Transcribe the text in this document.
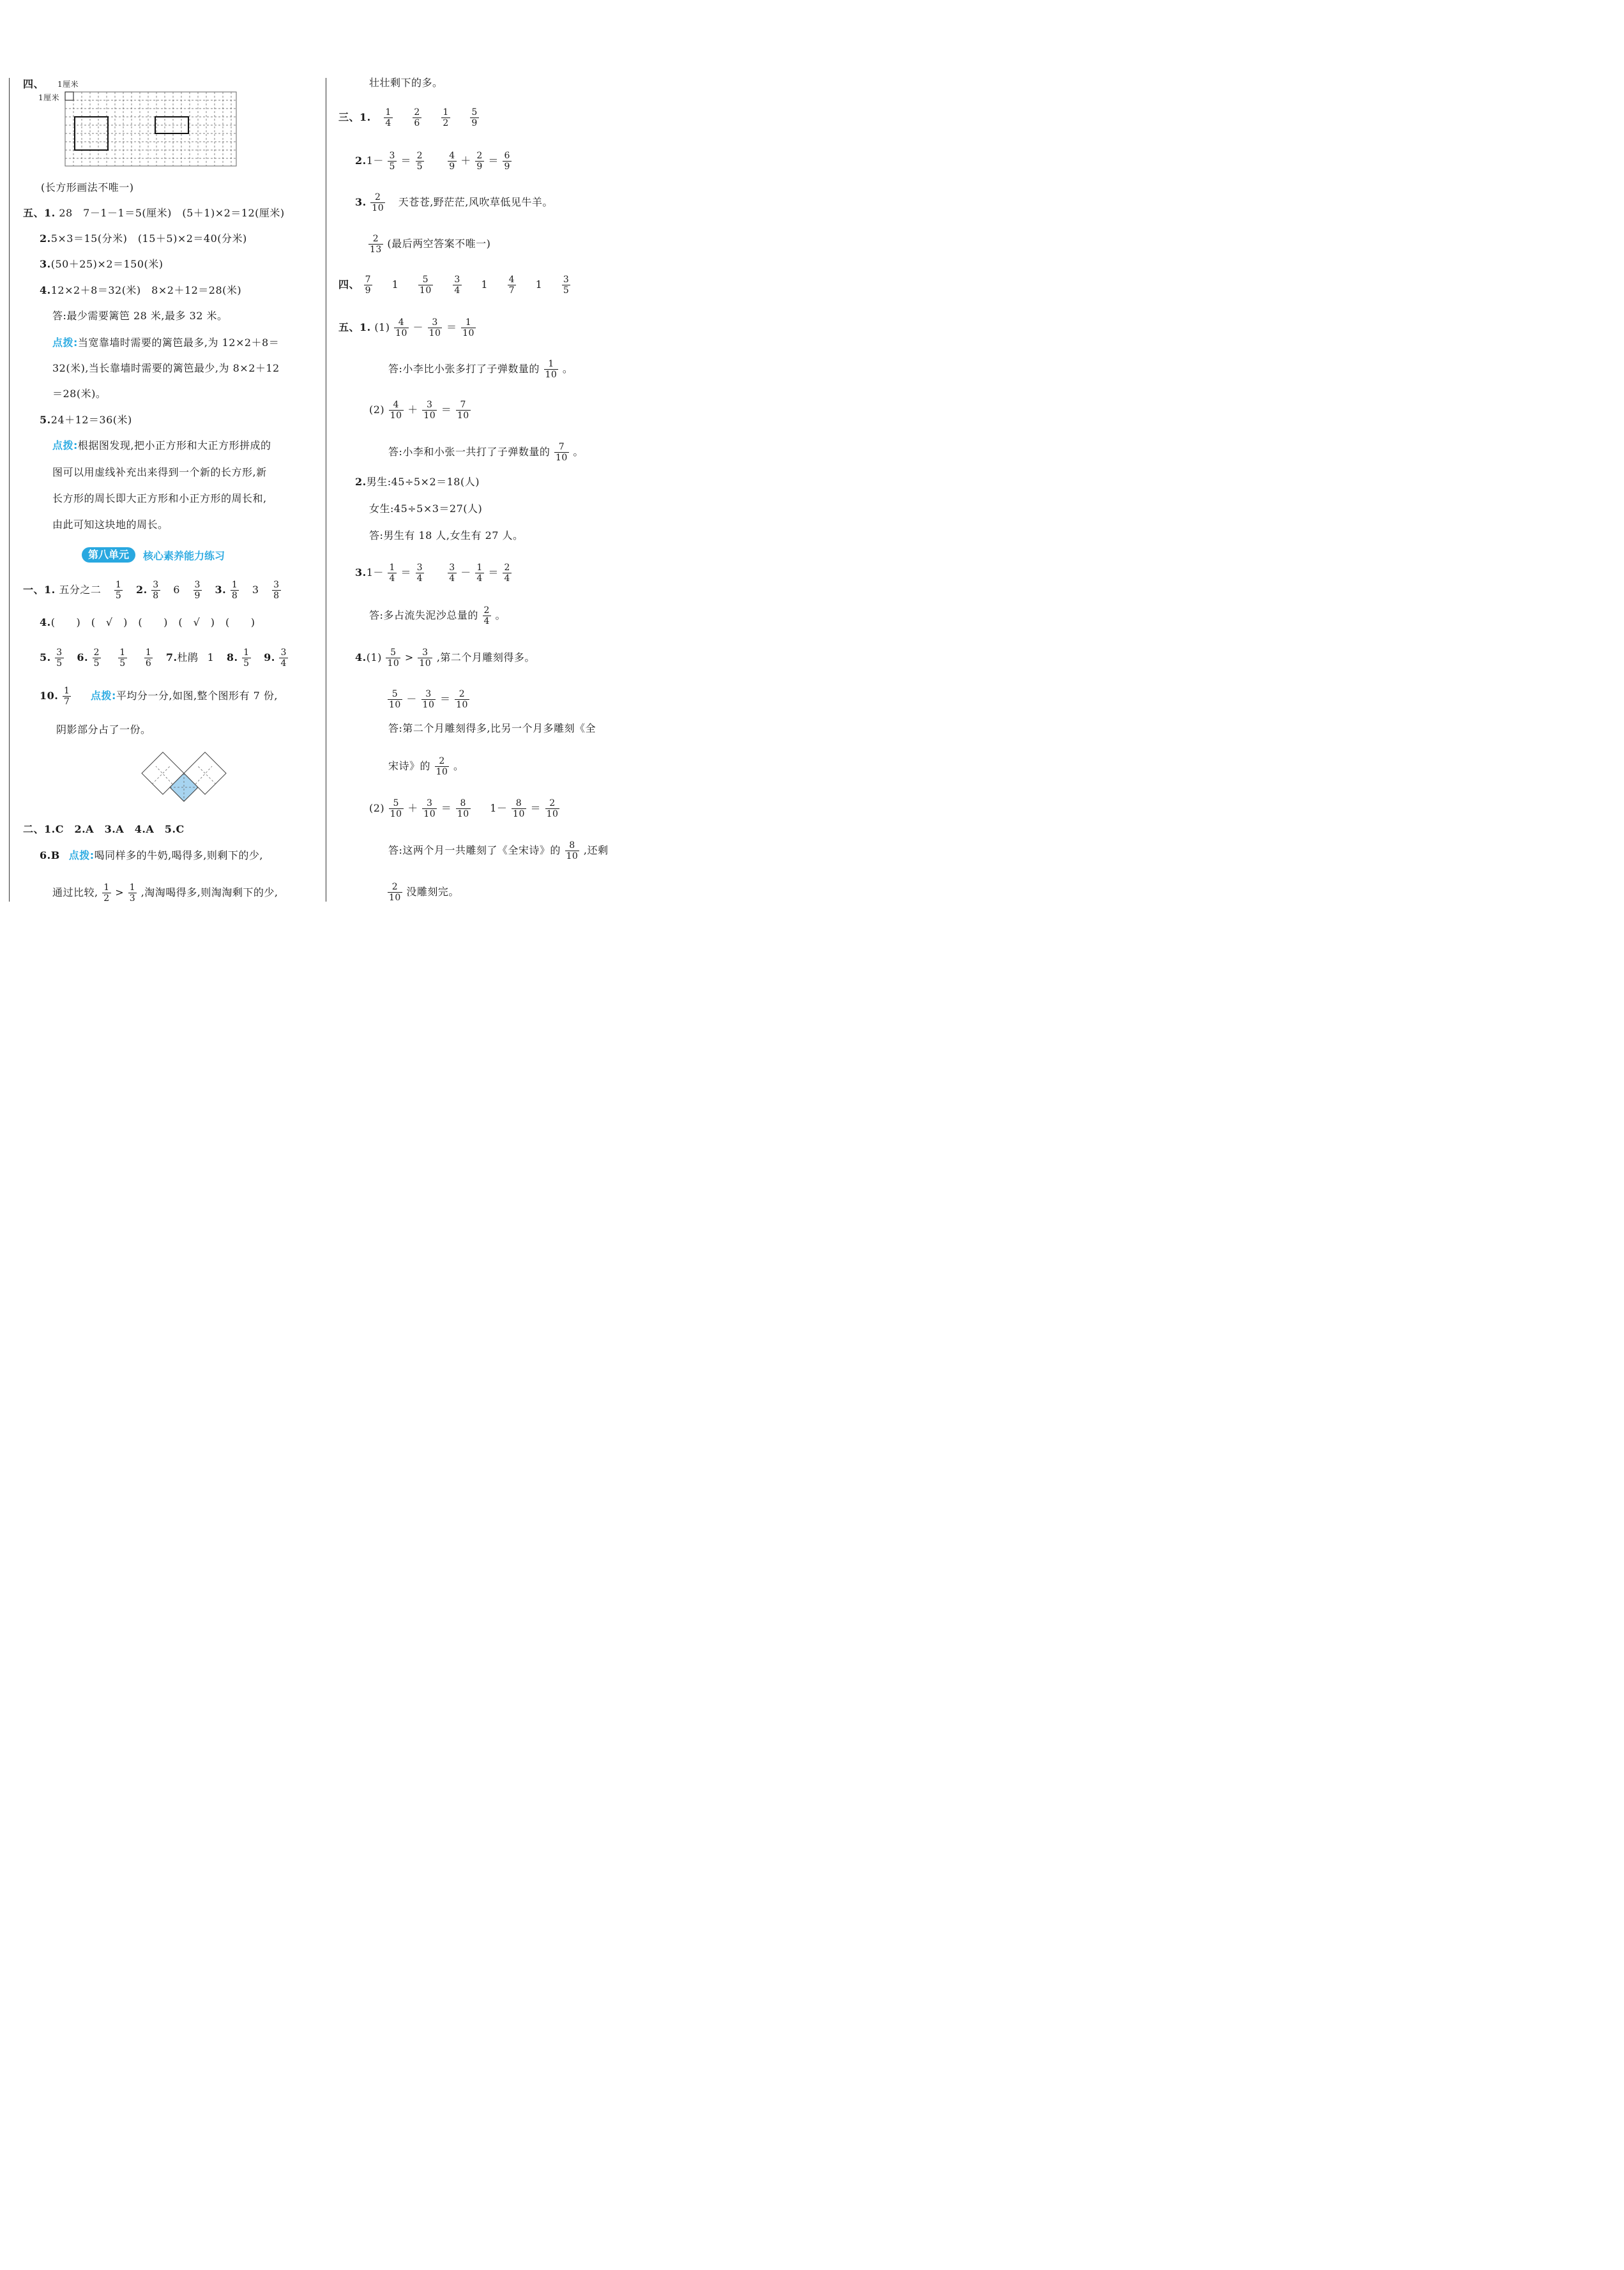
四、 1厘米
1厘米
(长方形画法不唯一)
五、1. 28　7－1－1＝5(厘米)　(5＋1)×2＝12(厘米)
2.5×3＝15(分米)　(15＋5)×2＝40(分米)
3.(50＋25)×2＝150(米)
4.12×2＋8＝32(米)　8×2＋12＝28(米)
答:最少需要篱笆 28 米,最多 32 米。
点拨:当宽靠墙时需要的篱笆最多,为 12×2＋8＝
32(米),当长靠墙时需要的篱笆最少,为 8×2＋12
＝28(米)。
5.24＋12＝36(米)
点拨:根据图发现,把小正方形和大正方形拼成的
图可以用虚线补充出来得到一个新的长方形,新
长方形的周长即大正方形和小正方形的周长和,
由此可知这块地的周长。
第八单元	核心素养能力练习
一、1. 五分之二 $\frac{1}{5} 2$. $\frac{3}{8} 6 \frac{3}{9} 3$. $\frac{1}{8} 3 \frac{3}{8}$
4.(　　)　(　√　)　(　　)　(　√　)　(　　)
5. $\frac{3}{5} 6$. $\frac{2}{5}$
$\frac{1}{5}$
$\frac{1}{6} 7$.杜鹃 1 8. $\frac{1}{5} 9$. $\frac{3}{4}$
10. $\frac{1}{7}$ 点拨:平均分一分,如图,整个图形有 7 份,
阴影部分占了一份。
二、1.C　2.A　3.A　4.A　5.C
6.B 点拨:喝同样多的牛奶,喝得多,则剩下的少,
通过比较, $\frac{1}{2} > \frac{1}{3}$ ,淘淘喝得多,则淘淘剩下的少,
壮壮剩下的多。
三、1. $\frac{1}{4}$
$\frac{2}{6}$
$\frac{1}{2}$
$\frac{5}{9}$
$2.1- \frac{3}{5} = \frac{2}{5}$
	$\frac{4}{9} + \frac{2}{9} = \frac{6}{9}$
3. $\frac{2}{10}$ 天苍苍,野茫茫,风吹草低见牛羊。
$\frac{2}{13}$ (最后两空答案不唯一)
四、 $\frac{7}{9} 1 \frac{5}{10}$
$\frac{3}{4} 1 \frac{4}{7} 1 \frac{3}{5}$
五、1. $(1) \frac{4}{10} - \frac{3}{10} = \frac{1}{10}$
答:小李比小张多打了子弹数量的 $\frac{1}{10}$ 。
$(2) \frac{4}{10} + \frac{3}{10} = \frac{7}{10}$
答:小李和小张一共打了子弹数量的 $\frac{7}{10}$ 。
2.男生:45÷5×2＝18(人)
女生:45÷5×3＝27(人)
答:男生有 18 人,女生有 27 人。
$3.1- \frac{1}{4} = \frac{3}{4}$
	$\frac{3}{4} - \frac{1}{4} = \frac{2}{4}$
答:多占流失泥沙总量的 $\frac{2}{4}$ 。
$4.(1) \frac{5}{10} > \frac{3}{10}$ ,第二个月雕刻得多。
$\frac{5}{10} - \frac{3}{10} = \frac{2}{10}$
答:第二个月雕刻得多,比另一个月多雕刻《全
宋诗》的 $\frac{2}{10}$ 。
$(2) \frac{5}{10} + \frac{3}{10} = \frac{8}{10} 1- \frac{8}{10} = \frac{2}{10}$
答:这两个月一共雕刻了《全宋诗》的 $\frac{8}{10}$ ,还剩
$\frac{2}{10}$ 没雕刻完。
